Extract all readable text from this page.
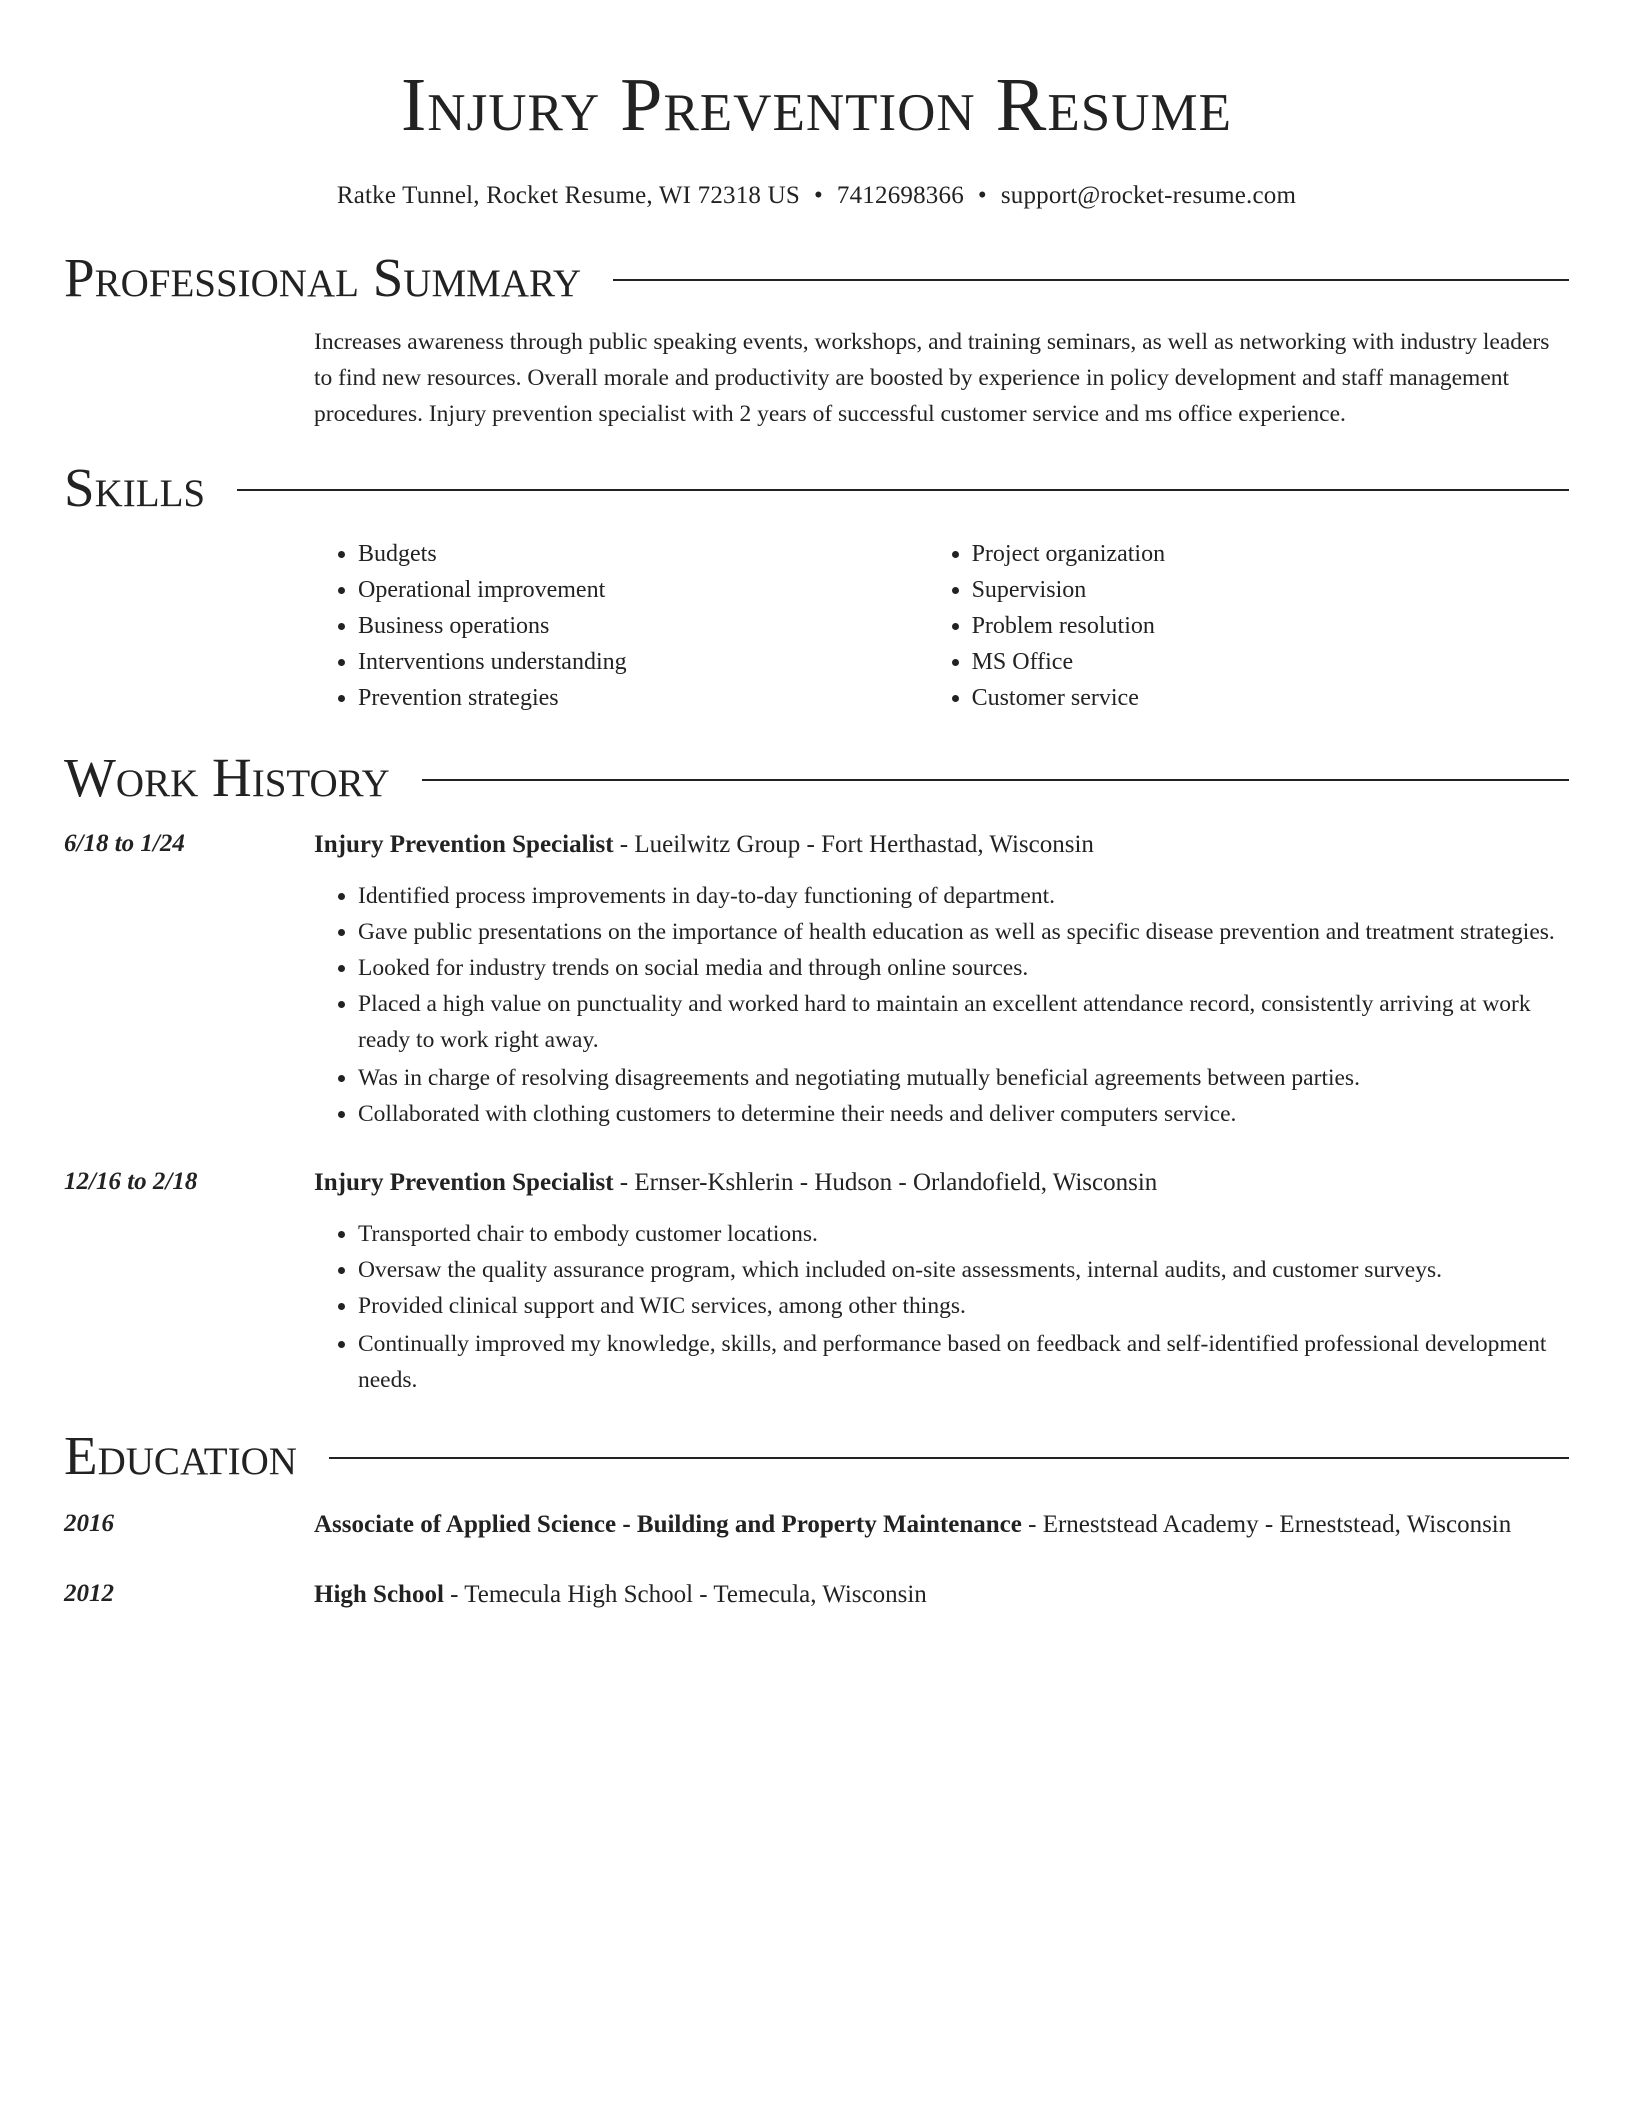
Injury Prevention Resume
Ratke Tunnel, Rocket Resume, WI 72318 US • 7412698366 • support@rocket-resume.com
Professional Summary

Increases awareness through public speaking events, workshops, and training seminars, as well as networking with industry leaders to find new resources. Overall morale and productivity are boosted by experience in policy development and staff management procedures. Injury prevention specialist with 2 years of successful customer service and ms office experience.

Skills
• Budgets
• Operational improvement
• Business operations
• Interventions understanding
• Prevention strategies
• Project organization
• Supervision
• Problem resolution
• MS Office
• Customer service
Work History
6/18 to 1/24	Injury Prevention Specialist - Lueilwitz Group - Fort Herthastad, Wisconsin
• Identified process improvements in day-to-day functioning of department.
• Gave public presentations on the importance of health education as well as specific disease prevention and treatment strategies.
• Looked for industry trends on social media and through online sources.
• Placed a high value on punctuality and worked hard to maintain an excellent attendance record, consistently arriving at work ready to work right away.
• Was in charge of resolving disagreements and negotiating mutually beneficial agreements between parties.
• Collaborated with clothing customers to determine their needs and deliver computers service.
12/16 to 2/18	Injury Prevention Specialist - Ernser-Kshlerin - Hudson - Orlandofield, Wisconsin
• Transported chair to embody customer locations.
• Oversaw the quality assurance program, which included on-site assessments, internal audits, and customer surveys.
• Provided clinical support and WIC services, among other things.
• Continually improved my knowledge, skills, and performance based on feedback and self-identified professional development needs.
Education
2016	Associate of Applied Science - Building and Property Maintenance - Erneststead Academy - Erneststead, Wisconsin
2012	High School - Temecula High School - Temecula, Wisconsin
